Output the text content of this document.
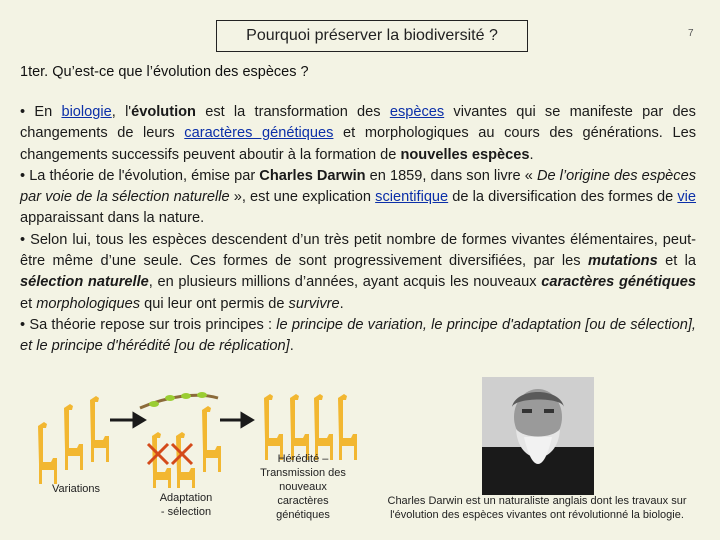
Pourquoi préserver la biodiversité ?	7
1ter. Qu’est-ce que l’évolution des espèces ?

• En biologie, l'évolution est la transformation des espèces vivantes qui se manifeste par des changements de leurs caractères génétiques et morphologiques au cours des générations. Les changements successifs peuvent aboutir à la formation de nouvelles espèces.

• La théorie de l'évolution, émise par Charles Darwin en 1859, dans son livre « De l’origine des espèces par voie de la sélection naturelle », est une explication scientifique de la diversification des formes de vie apparaissant dans la nature.

• Selon lui, tous les espèces descendent d’un très petit nombre de formes vivantes élémentaires, peut-être même d’une seule. Ces formes de sont progressivement diversifiées, par les mutations et la sélection naturelle, en plusieurs millions d’années, ayant acquis les nouveaux caractères génétiques et morphologiques qui leur ont permis de survivre.

• Sa théorie repose sur trois principes : le principe de variation, le principe d'adaptation [ou de sélection], et le principe d'hérédité [ou de réplication].

Variations
Adaptation
- sélection
Hérédité –
Transmission des
nouveaux
caractères
génétiques
Charles Darwin est un naturaliste anglais dont les travaux sur
l'évolution des espèces vivantes ont révolutionné la biologie.
